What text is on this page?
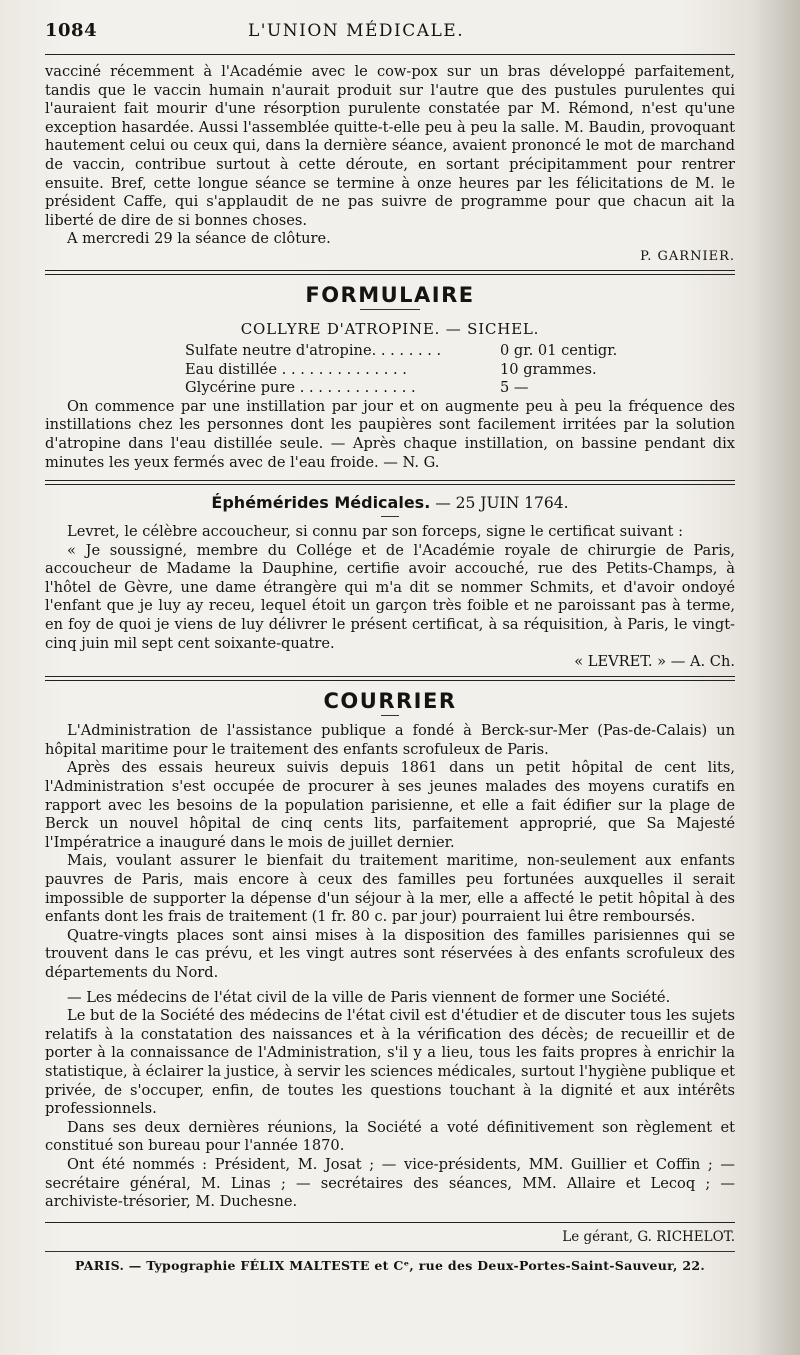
1084	L'UNION MÉDICALE.

vacciné récemment à l'Académie avec le cow-pox sur un bras développé parfaitement, tandis que le vaccin humain n'aurait produit sur l'autre que des pustules purulentes qui l'auraient fait mourir d'une résorption purulente constatée par M. Rémond, n'est qu'une exception hasardée. Aussi l'assemblée quitte-t-elle peu à peu la salle. M. Baudin, provoquant hautement celui ou ceux qui, dans la dernière séance, avaient prononcé le mot de marchand de vaccin, contribue surtout à cette déroute, en sortant précipitamment pour rentrer ensuite. Bref, cette longue séance se termine à onze heures par les félicitations de M. le président Caffe, qui s'applaudit de ne pas suivre de programme pour que chacun ait la liberté de dire de si bonnes choses.

A mercredi 29 la séance de clôture.

P. GARNIER.
FORMULAIRE
COLLYRE D'ATROPINE. — SICHEL.
Sulfate neutre d'atropine. . . . . . . .	0 gr. 01 centigr.
Eau distillée . . . . . . . . . . . . . .	10 grammes.
Glycérine pure . . . . . . . . . . . . .	5 —

On commence par une instillation par jour et on augmente peu à peu la fréquence des instillations chez les personnes dont les paupières sont facilement irritées par la solution d'atropine dans l'eau distillée seule. — Après chaque instillation, on bassine pendant dix minutes les yeux fermés avec de l'eau froide. — N. G.

Éphémérides Médicales. — 25 JUIN 1764.

Levret, le célèbre accoucheur, si connu par son forceps, signe le certificat suivant :

« Je soussigné, membre du Collége et de l'Académie royale de chirurgie de Paris, accoucheur de Madame la Dauphine, certifie avoir accouché, rue des Petits-Champs, à l'hôtel de Gèvre, une dame étrangère qui m'a dit se nommer Schmits, et d'avoir ondoyé l'enfant que je luy ay receu, lequel étoit un garçon très foible et ne paroissant pas à terme, en foy de quoi je viens de luy délivrer le présent certificat, à sa réquisition, à Paris, le vingt-cinq juin mil sept cent soixante-quatre.

« LEVRET. » — A. Ch.
COURRIER

L'Administration de l'assistance publique a fondé à Berck-sur-Mer (Pas-de-Calais) un hôpital maritime pour le traitement des enfants scrofuleux de Paris.

Après des essais heureux suivis depuis 1861 dans un petit hôpital de cent lits, l'Administration s'est occupée de procurer à ses jeunes malades des moyens curatifs en rapport avec les besoins de la population parisienne, et elle a fait édifier sur la plage de Berck un nouvel hôpital de cinq cents lits, parfaitement approprié, que Sa Majesté l'Impératrice a inauguré dans le mois de juillet dernier.

Mais, voulant assurer le bienfait du traitement maritime, non-seulement aux enfants pauvres de Paris, mais encore à ceux des familles peu fortunées auxquelles il serait impossible de supporter la dépense d'un séjour à la mer, elle a affecté le petit hôpital à des enfants dont les frais de traitement (1 fr. 80 c. par jour) pourraient lui être remboursés.

Quatre-vingts places sont ainsi mises à la disposition des familles parisiennes qui se trouvent dans le cas prévu, et les vingt autres sont réservées à des enfants scrofuleux des départements du Nord.

— Les médecins de l'état civil de la ville de Paris viennent de former une Société.

Le but de la Société des médecins de l'état civil est d'étudier et de discuter tous les sujets relatifs à la constatation des naissances et à la vérification des décès; de recueillir et de porter à la connaissance de l'Administration, s'il y a lieu, tous les faits propres à enrichir la statistique, à éclairer la justice, à servir les sciences médicales, surtout l'hygiène publique et privée, de s'occuper, enfin, de toutes les questions touchant à la dignité et aux intérêts professionnels.

Dans ses deux dernières réunions, la Société a voté définitivement son règlement et constitué son bureau pour l'année 1870.

Ont été nommés : Président, M. Josat ; — vice-présidents, MM. Guillier et Coffin ; — secrétaire général, M. Linas ; — secrétaires des séances, MM. Allaire et Lecoq ; — archiviste-trésorier, M. Duchesne.

Le gérant, G. RICHELOT.
PARIS. — Typographie FÉLIX MALTESTE et Cᵉ, rue des Deux-Portes-Saint-Sauveur, 22.
